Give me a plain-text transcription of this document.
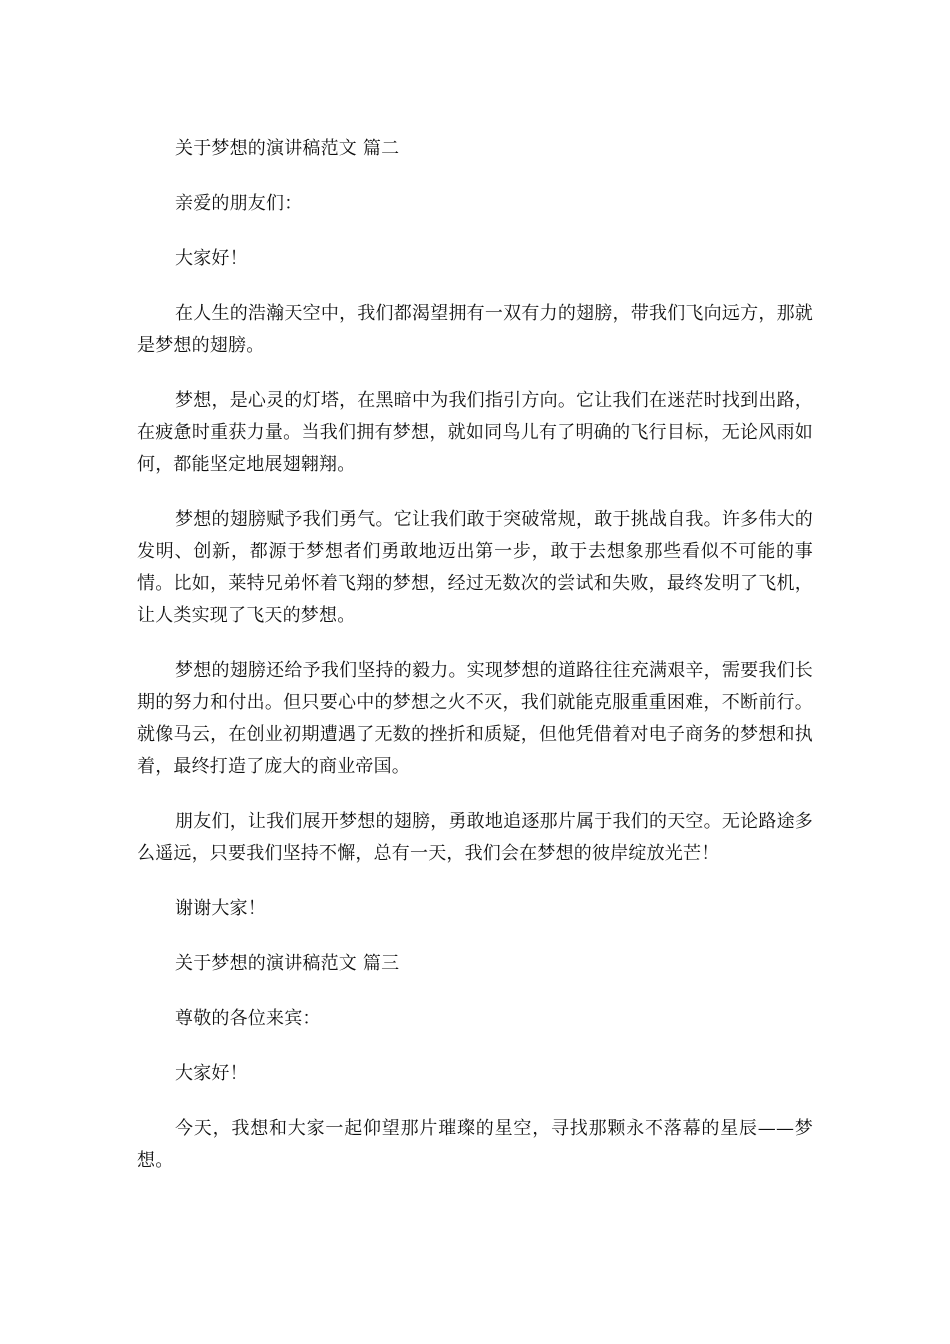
关于梦想的演讲稿范文 篇二

亲爱的朋友们：

大家好！

在人生的浩瀚天空中，我们都渴望拥有一双有力的翅膀，带我们飞向远方，那就是梦想的翅膀。

梦想，是心灵的灯塔，在黑暗中为我们指引方向。它让我们在迷茫时找到出路，在疲惫时重获力量。当我们拥有梦想，就如同鸟儿有了明确的飞行目标，无论风雨如何，都能坚定地展翅翱翔。

梦想的翅膀赋予我们勇气。它让我们敢于突破常规，敢于挑战自我。许多伟大的发明、创新，都源于梦想者们勇敢地迈出第一步，敢于去想象那些看似不可能的事情。比如，莱特兄弟怀着飞翔的梦想，经过无数次的尝试和失败，最终发明了飞机，让人类实现了飞天的梦想。

梦想的翅膀还给予我们坚持的毅力。实现梦想的道路往往充满艰辛，需要我们长期的努力和付出。但只要心中的梦想之火不灭，我们就能克服重重困难，不断前行。就像马云，在创业初期遭遇了无数的挫折和质疑，但他凭借着对电子商务的梦想和执着，最终打造了庞大的商业帝国。

朋友们，让我们展开梦想的翅膀，勇敢地追逐那片属于我们的天空。无论路途多么遥远，只要我们坚持不懈，总有一天，我们会在梦想的彼岸绽放光芒！

谢谢大家！

关于梦想的演讲稿范文 篇三

尊敬的各位来宾：

大家好！

今天，我想和大家一起仰望那片璀璨的星空，寻找那颗永不落幕的星辰——梦想。
